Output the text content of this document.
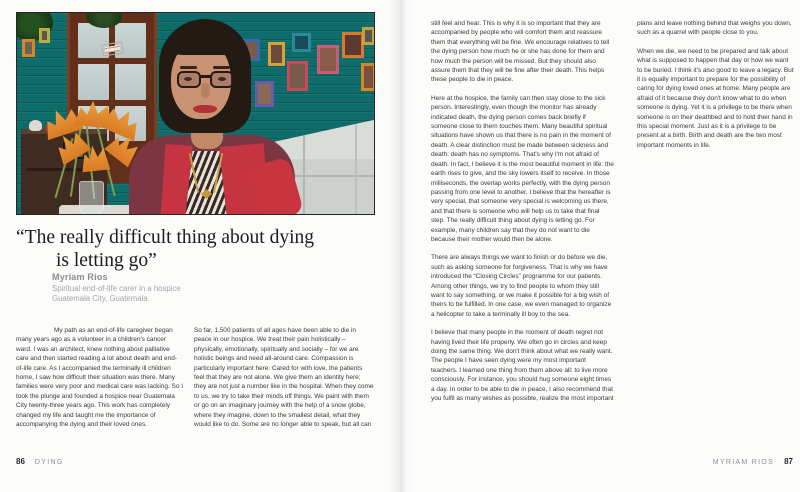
“The really difficult thing about dying
is letting go”
Myriam Rios
Spiritual end-of-life carer in a hospice
Guatemala City, Guatemala

My path as an end-of-life caregiver began many years ago as a volunteer in a children's cancer ward. I was an architect, knew nothing about palliative care and then started reading a lot about death and end-of-life care. As I accompanied the terminally ill children home, I saw how difficult their situation was there. Many families were very poor and medical care was lacking. So I took the plunge and founded a hospice near Guatemala City twenty-three years ago. This work has completely changed my life and taught me the importance of accompanying the dying and their loved ones.

So far, 1,500 patients of all ages have been able to die in peace in our hospice. We treat their pain holistically – physically, emotionally, spiritually and socially – for we are holistic beings and need all-around care. Compassion is particularly important here. Cared for with love, the patients feel that they are not alone. We give them an identity here; they are not just a number like in the hospital. When they come to us, we try to take their minds off things. We paint with them or go on an imaginary journey with the help of a snow globe, where they imagine, down to the smallest detail, what they would like to do. Some are no longer able to speak, but all can

86 DYING

still feel and hear. This is why it is so important that they are accompanied by people who will comfort them and reassure them that everything will be fine. We encourage relatives to tell the dying person how much he or she has done for them and how much the person will be missed. But they should also assure them that they will be fine after their death. This helps these people to die in peace.

Here at the hospice, the family can then stay close to the sick person. Interestingly, even though the monitor has already indicated death, the dying person comes back briefly if someone close to them touches them. Many beautiful spiritual situations have shown us that there is no pain in the moment of death. A clear distinction must be made between sickness and death: death has no symptoms. That's why I'm not afraid of death. In fact, I believe it is the most beautiful moment in life: the earth rises to give, and the sky lowers itself to receive. In those milliseconds, the overlap works perfectly, with the dying person passing from one level to another. I believe that the hereafter is very special, that someone very special is welcoming us there, and that there is someone who will help us to take that final step. The really difficult thing about dying is letting go. For example, many children say that they do not want to die because their mother would then be alone.

There are always things we want to finish or do before we die, such as asking someone for forgiveness. That is why we have introduced the “Closing Circles” programme for our patients. Among other things, we try to find people to whom they still want to say something, or we make it possible for a big wish of theirs to be fulfilled. In one case, we even managed to organize a helicopter to take a terminally ill boy to the sea.

I believe that many people in the moment of death regret not having lived their life properly. We often go in circles and keep doing the same thing. We don't think about what we really want. The people I have seen dying were my most important teachers. I learned one thing from them above all: to live more consciously. For instance, you should hug someone eight times a day. In order to be able to die in peace, I also recommend that you fulfil as many wishes as possible, realize the most important

plans and leave nothing behind that weighs you down, such as a quarrel with people close to you.

When we die, we need to be prepared and talk about what is supposed to happen that day or how we want to be buried. I think it's also good to leave a legacy. But it is equally important to prepare for the possibility of caring for dying loved ones at home. Many people are afraid of it because they don't know what to do when someone is dying. Yet it is a privilege to be there when someone is on their deathbed and to hold their hand in this special moment. Just as it is a privilege to be present at a birth. Birth and death are the two most important moments in life.

MYRIAM RIOS 87
